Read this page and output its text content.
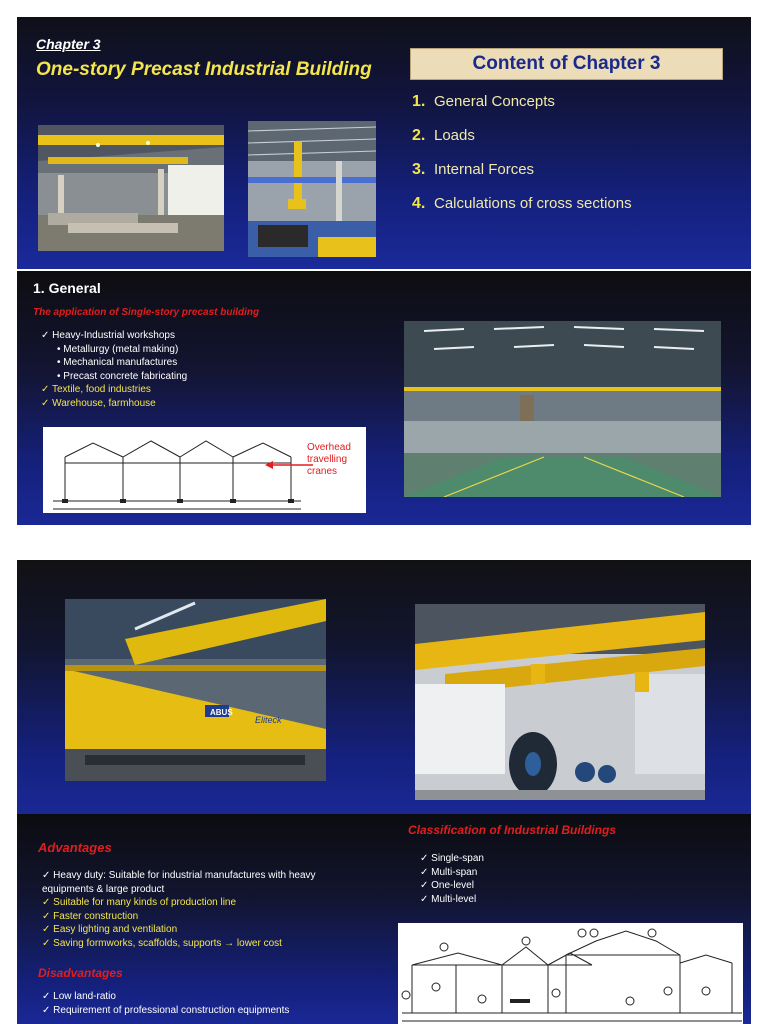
Chapter 3
One-story Precast Industrial Building	Content of Chapter 3
1. General Concepts
2. Loads
3. Internal Forces
4. Calculations of cross sections
1. General
The application of Single-story precast building
✓ Heavy-Industrial workshops
• Metallurgy (metal making)
• Mechanical manufactures
• Precast concrete fabricating
✓ Textile, food industries
✓ Warehouse, farmhouse
Overhead
travelling
cranes
ABUS
Eliteck
Advantages
✓ Heavy duty: Suitable for industrial manufactures with heavy equipments & large product
✓ Suitable for many kinds of production line
✓ Faster construction
✓ Easy lighting and ventilation
✓ Saving formworks, scaffolds, supports → lower cost
Disadvantages
✓ Low land-ratio
✓ Requirement of professional construction equipments
Classification of Industrial Buildings
✓ Single-span
✓ Multi-span
✓ One-level
✓ Multi-level
